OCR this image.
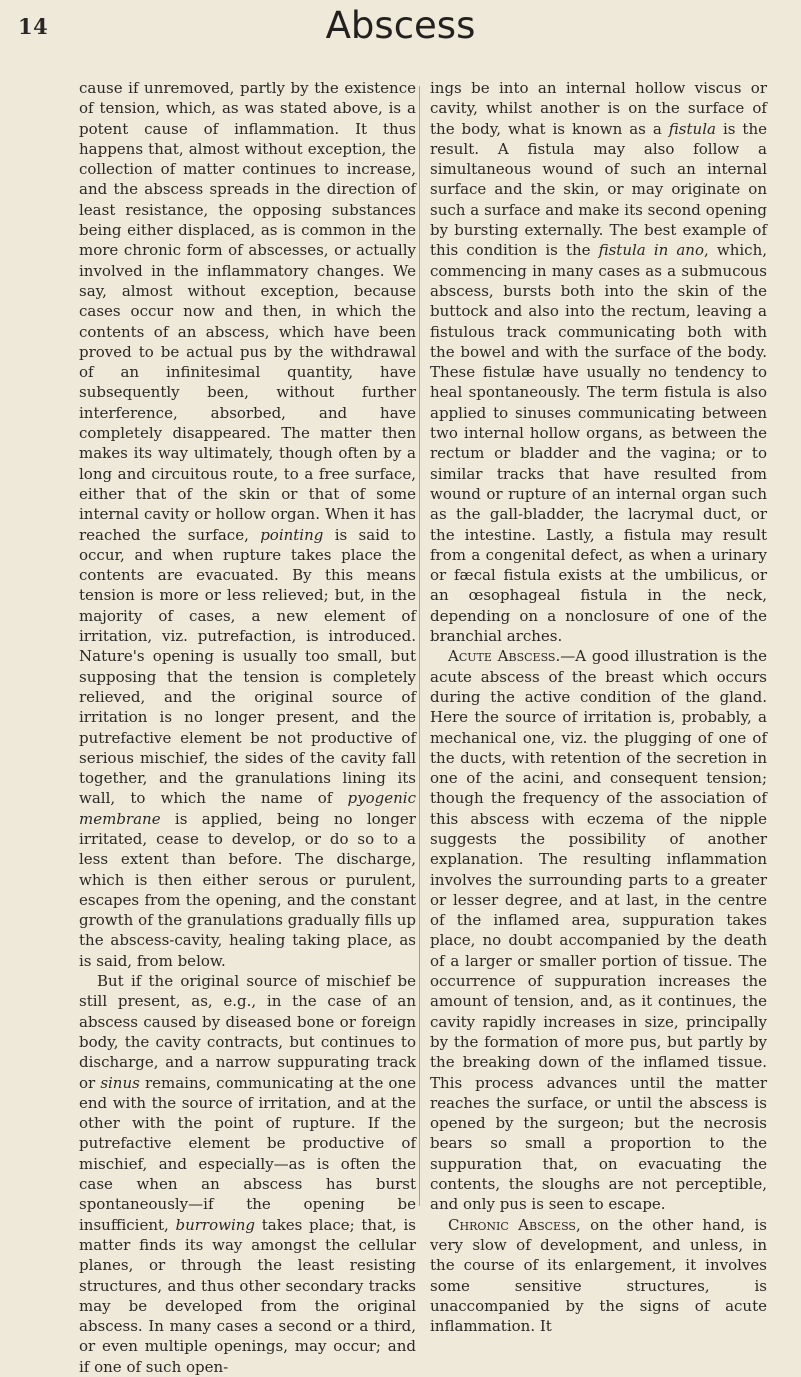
14	Abscess

cause if unremoved, partly by the existence of tension, which, as was stated above, is a potent cause of inflammation. It thus happens that, almost without exception, the collection of matter continues to increase, and the abscess spreads in the direction of least resistance, the opposing substances being either displaced, as is common in the more chronic form of abscesses, or actually involved in the inflammatory changes. We say, almost without exception, because cases occur now and then, in which the contents of an abscess, which have been proved to be actual pus by the withdrawal of an infinitesimal quantity, have subsequently been, without further interference, absorbed, and have completely disappeared. The matter then makes its way ultimately, though often by a long and circuitous route, to a free surface, either that of the skin or that of some internal cavity or hollow organ. When it has reached the surface, pointing is said to occur, and when rupture takes place the contents are evacuated. By this means tension is more or less relieved; but, in the majority of cases, a new element of irritation, viz. putrefaction, is introduced. Nature's opening is usually too small, but supposing that the tension is completely relieved, and the original source of irritation is no longer present, and the putrefactive element be not productive of serious mischief, the sides of the cavity fall together, and the granulations lining its wall, to which the name of pyogenic membrane is applied, being no longer irritated, cease to develop, or do so to a less extent than before. The discharge, which is then either serous or purulent, escapes from the opening, and the constant growth of the granulations gradually fills up the abscess-cavity, healing taking place, as is said, from below.

But if the original source of mischief be still present, as, e.g., in the case of an abscess caused by diseased bone or foreign body, the cavity contracts, but continues to discharge, and a narrow suppurating track or sinus remains, communicating at the one end with the source of irritation, and at the other with the point of rupture. If the putrefactive element be productive of mischief, and especially—as is often the case when an abscess has burst spontaneously—if the opening be insufficient, burrowing takes place; that, is matter finds its way amongst the cellular planes, or through the least resisting structures, and thus other secondary tracks may be developed from the original abscess. In many cases a second or a third, or even multiple openings, may occur; and if one of such open-

ings be into an internal hollow viscus or cavity, whilst another is on the surface of the body, what is known as a fistula is the result. A fistula may also follow a simultaneous wound of such an internal surface and the skin, or may originate on such a surface and make its second opening by bursting externally. The best example of this condition is the fistula in ano, which, commencing in many cases as a submucous abscess, bursts both into the skin of the buttock and also into the rectum, leaving a fistulous track communicating both with the bowel and with the surface of the body. These fistulæ have usually no tendency to heal spontaneously. The term fistula is also applied to sinuses communicating between two internal hollow organs, as between the rectum or bladder and the vagina; or to similar tracks that have resulted from wound or rupture of an internal organ such as the gall-bladder, the lacrymal duct, or the intestine. Lastly, a fistula may result from a congenital defect, as when a urinary or fæcal fistula exists at the umbilicus, or an œsophageal fistula in the neck, depending on a nonclosure of one of the branchial arches.

Acute Abscess.—A good illustration is the acute abscess of the breast which occurs during the active condition of the gland. Here the source of irritation is, probably, a mechanical one, viz. the plugging of one of the ducts, with retention of the secretion in one of the acini, and consequent tension; though the frequency of the association of this abscess with eczema of the nipple suggests the possibility of another explanation. The resulting inflammation involves the surrounding parts to a greater or lesser degree, and at last, in the centre of the inflamed area, suppuration takes place, no doubt accompanied by the death of a larger or smaller portion of tissue. The occurrence of suppuration increases the amount of tension, and, as it continues, the cavity rapidly increases in size, principally by the formation of more pus, but partly by the breaking down of the inflamed tissue. This process advances until the matter reaches the surface, or until the abscess is opened by the surgeon; but the necrosis bears so small a proportion to the suppuration that, on evacuating the contents, the sloughs are not perceptible, and only pus is seen to escape.

Chronic Abscess, on the other hand, is very slow of development, and unless, in the course of its enlargement, it involves some sensitive structures, is unaccompanied by the signs of acute inflammation. It
